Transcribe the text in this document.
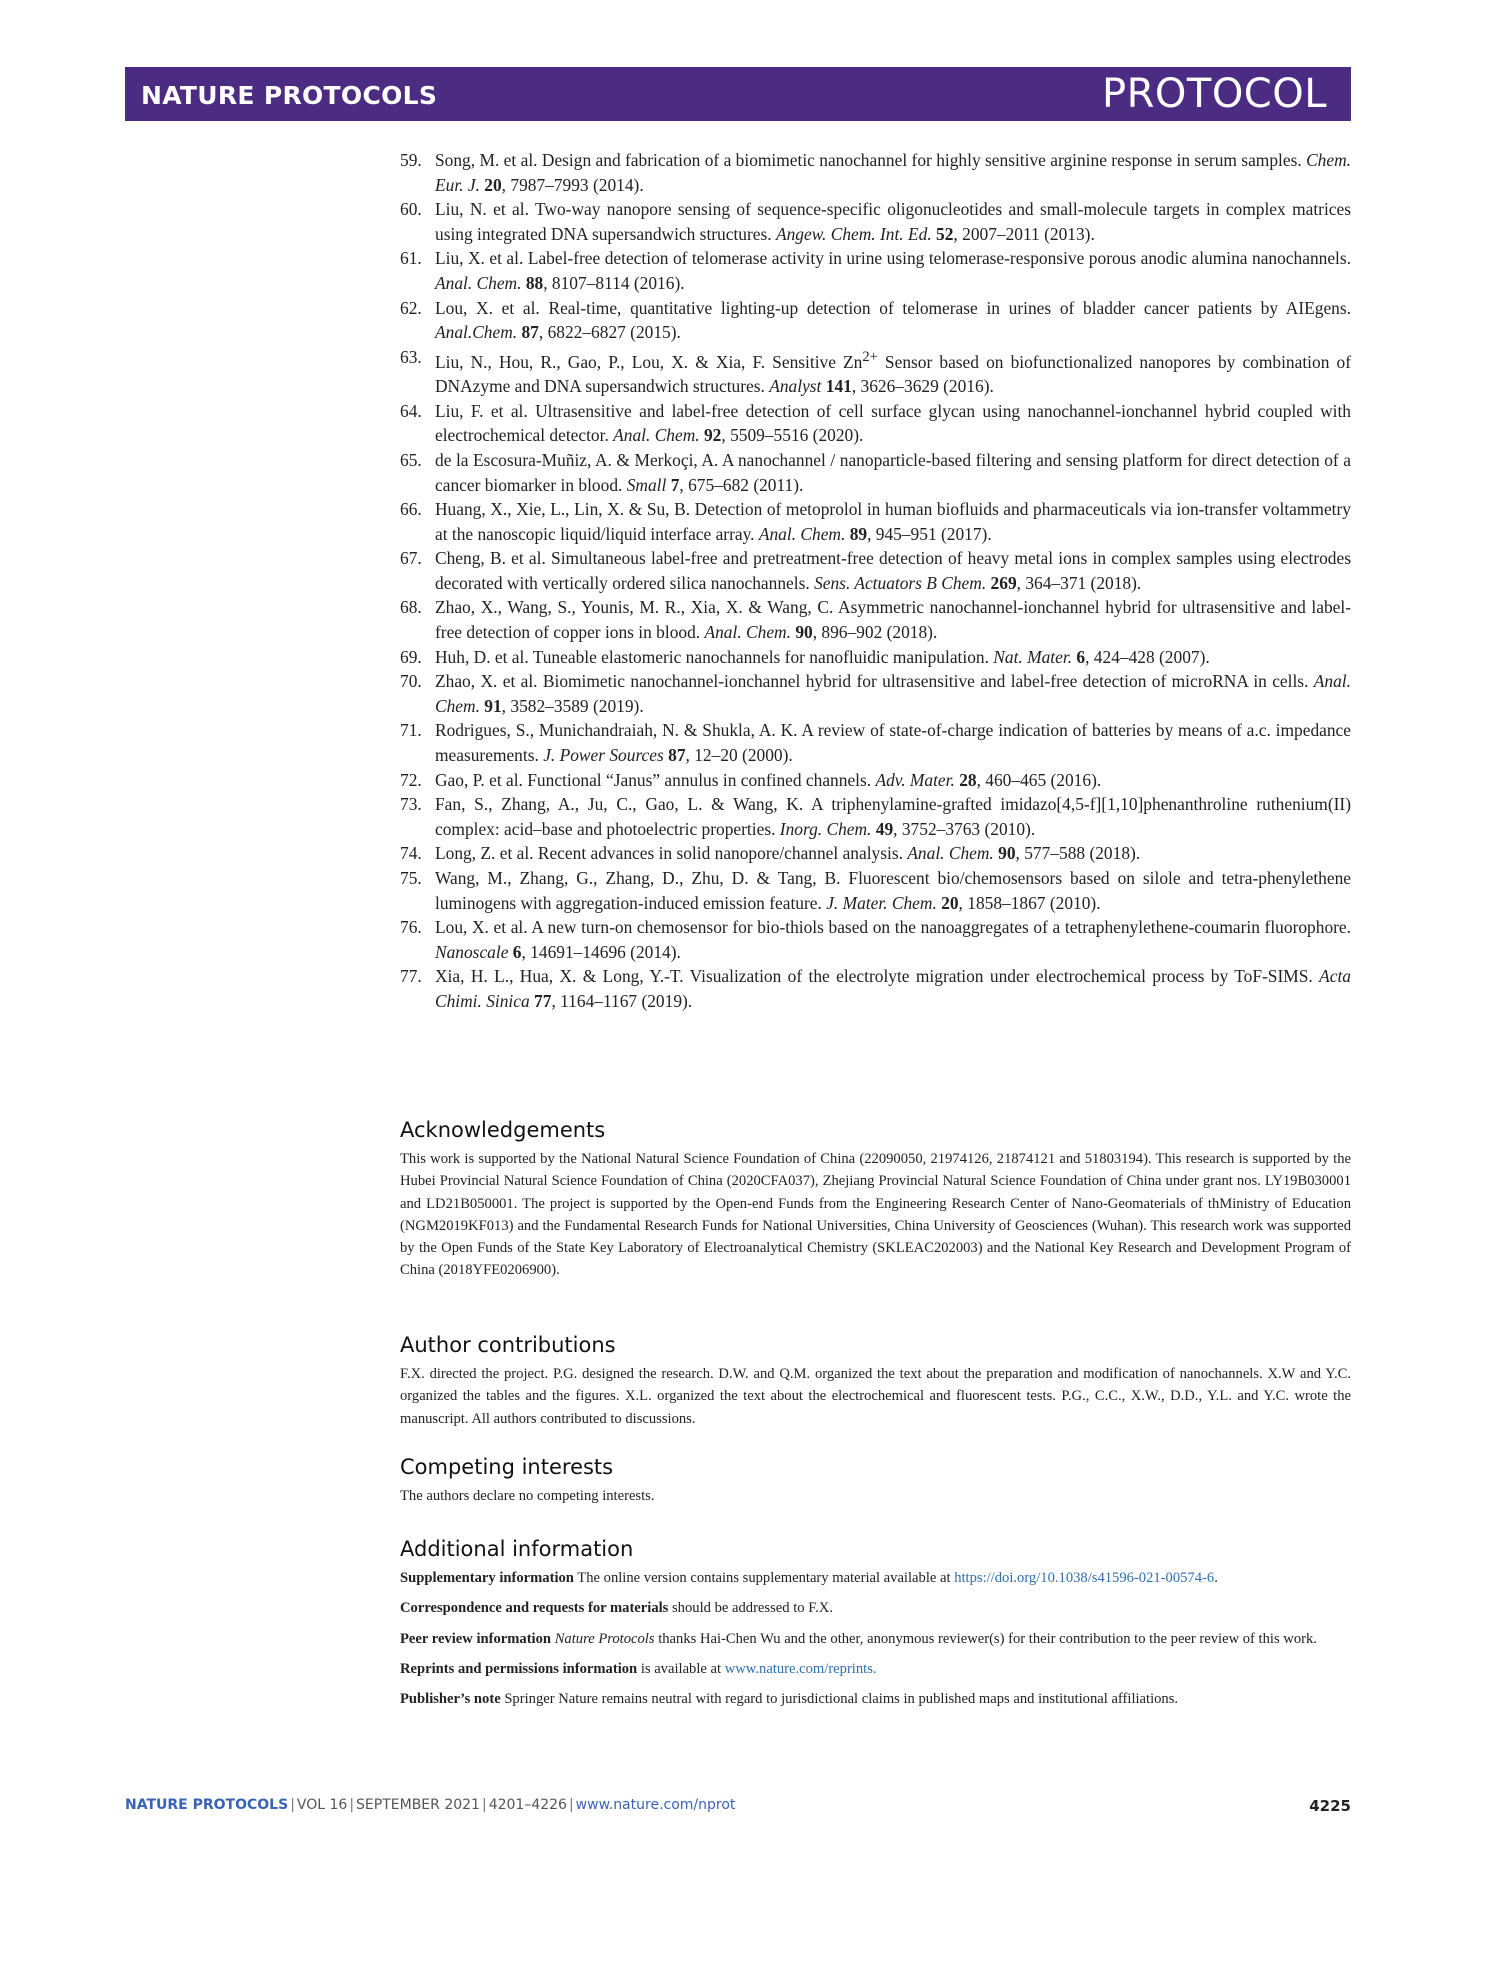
NATURE PROTOCOLS	PROTOCOL
59. Song, M. et al. Design and fabrication of a biomimetic nanochannel for highly sensitive arginine response in serum samples. Chem. Eur. J. 20, 7987–7993 (2014).
60. Liu, N. et al. Two-way nanopore sensing of sequence-specific oligonucleotides and small-molecule targets in complex matrices using integrated DNA supersandwich structures. Angew. Chem. Int. Ed. 52, 2007–2011 (2013).
61. Liu, X. et al. Label-free detection of telomerase activity in urine using telomerase-responsive porous anodic alumina nanochannels. Anal. Chem. 88, 8107–8114 (2016).
62. Lou, X. et al. Real-time, quantitative lighting-up detection of telomerase in urines of bladder cancer patients by AIEgens. Anal.Chem. 87, 6822–6827 (2015).
63. Liu, N., Hou, R., Gao, P., Lou, X. & Xia, F. Sensitive $Zn^{2+}$ Sensor based on biofunctionalized nanopores by combination of DNAzyme and DNA supersandwich structures. Analyst 141, 3626–3629 (2016).
64. Liu, F. et al. Ultrasensitive and label-free detection of cell surface glycan using nanochannel-ionchannel hybrid coupled with electrochemical detector. Anal. Chem. 92, 5509–5516 (2020).
65. de la Escosura-Muñiz, A. & Merkoçi, A. A nanochannel / nanoparticle-based filtering and sensing platform for direct detection of a cancer biomarker in blood. Small 7, 675–682 (2011).
66. Huang, X., Xie, L., Lin, X. & Su, B. Detection of metoprolol in human biofluids and pharmaceuticals via ion-transfer voltammetry at the nanoscopic liquid/liquid interface array. Anal. Chem. 89, 945–951 (2017).
67. Cheng, B. et al. Simultaneous label-free and pretreatment-free detection of heavy metal ions in complex samples using electrodes decorated with vertically ordered silica nanochannels. Sens. Actuators B Chem. 269, 364–371 (2018).
68. Zhao, X., Wang, S., Younis, M. R., Xia, X. & Wang, C. Asymmetric nanochannel-ionchannel hybrid for ultrasensitive and label-free detection of copper ions in blood. Anal. Chem. 90, 896–902 (2018).
69. Huh, D. et al. Tuneable elastomeric nanochannels for nanofluidic manipulation. Nat. Mater. 6, 424–428 (2007).
70. Zhao, X. et al. Biomimetic nanochannel-ionchannel hybrid for ultrasensitive and label-free detection of microRNA in cells. Anal. Chem. 91, 3582–3589 (2019).
71. Rodrigues, S., Munichandraiah, N. & Shukla, A. K. A review of state-of-charge indication of batteries by means of a.c. impedance measurements. J. Power Sources 87, 12–20 (2000).
72. Gao, P. et al. Functional “Janus” annulus in confined channels. Adv. Mater. 28, 460–465 (2016).
73. Fan, S., Zhang, A., Ju, C., Gao, L. & Wang, K. A triphenylamine-grafted imidazo[4,5-f][1,10]phenanthroline ruthenium(II) complex: acid–base and photoelectric properties. Inorg. Chem. 49, 3752–3763 (2010).
74. Long, Z. et al. Recent advances in solid nanopore/channel analysis. Anal. Chem. 90, 577–588 (2018).
75. Wang, M., Zhang, G., Zhang, D., Zhu, D. & Tang, B. Fluorescent bio/chemosensors based on silole and tetra-phenylethene luminogens with aggregation-induced emission feature. J. Mater. Chem. 20, 1858–1867 (2010).
76. Lou, X. et al. A new turn-on chemosensor for bio-thiols based on the nanoaggregates of a tetraphenylethene-coumarin fluorophore. Nanoscale 6, 14691–14696 (2014).
77. Xia, H. L., Hua, X. & Long, Y.-T. Visualization of the electrolyte migration under electrochemical process by ToF-SIMS. Acta Chimi. Sinica 77, 1164–1167 (2019).
Acknowledgements

This work is supported by the National Natural Science Foundation of China (22090050, 21974126, 21874121 and 51803194). This research is supported by the Hubei Provincial Natural Science Foundation of China (2020CFA037), Zhejiang Provincial Natural Science Foundation of China under grant nos. LY19B030001 and LD21B050001. The project is supported by the Open-end Funds from the Engineering Research Center of Nano-Geomaterials of thMinistry of Education (NGM2019KF013) and the Fundamental Research Funds for National Universities, China University of Geosciences (Wuhan). This research work was supported by the Open Funds of the State Key Laboratory of Electroanalytical Chemistry (SKLEAC202003) and the National Key Research and Development Program of China (2018YFE0206900).

Author contributions

F.X. directed the project. P.G. designed the research. D.W. and Q.M. organized the text about the preparation and modification of nanochannels. X.W and Y.C. organized the tables and the figures. X.L. organized the text about the electrochemical and fluorescent tests. P.G., C.C., X.W., D.D., Y.L. and Y.C. wrote the manuscript. All authors contributed to discussions.

Competing interests

The authors declare no competing interests.

Additional information

Supplementary information The online version contains supplementary material available at https://doi.org/10.1038/s41596-021-00574-6.

Correspondence and requests for materials should be addressed to F.X.

Peer review information Nature Protocols thanks Hai-Chen Wu and the other, anonymous reviewer(s) for their contribution to the peer review of this work.

Reprints and permissions information is available at www.nature.com/reprints.

Publisher’s note Springer Nature remains neutral with regard to jurisdictional claims in published maps and institutional affiliations.

NATURE PROTOCOLS | VOL 16 | SEPTEMBER 2021 | 4201–4226 | www.nature.com/nprot	4225
